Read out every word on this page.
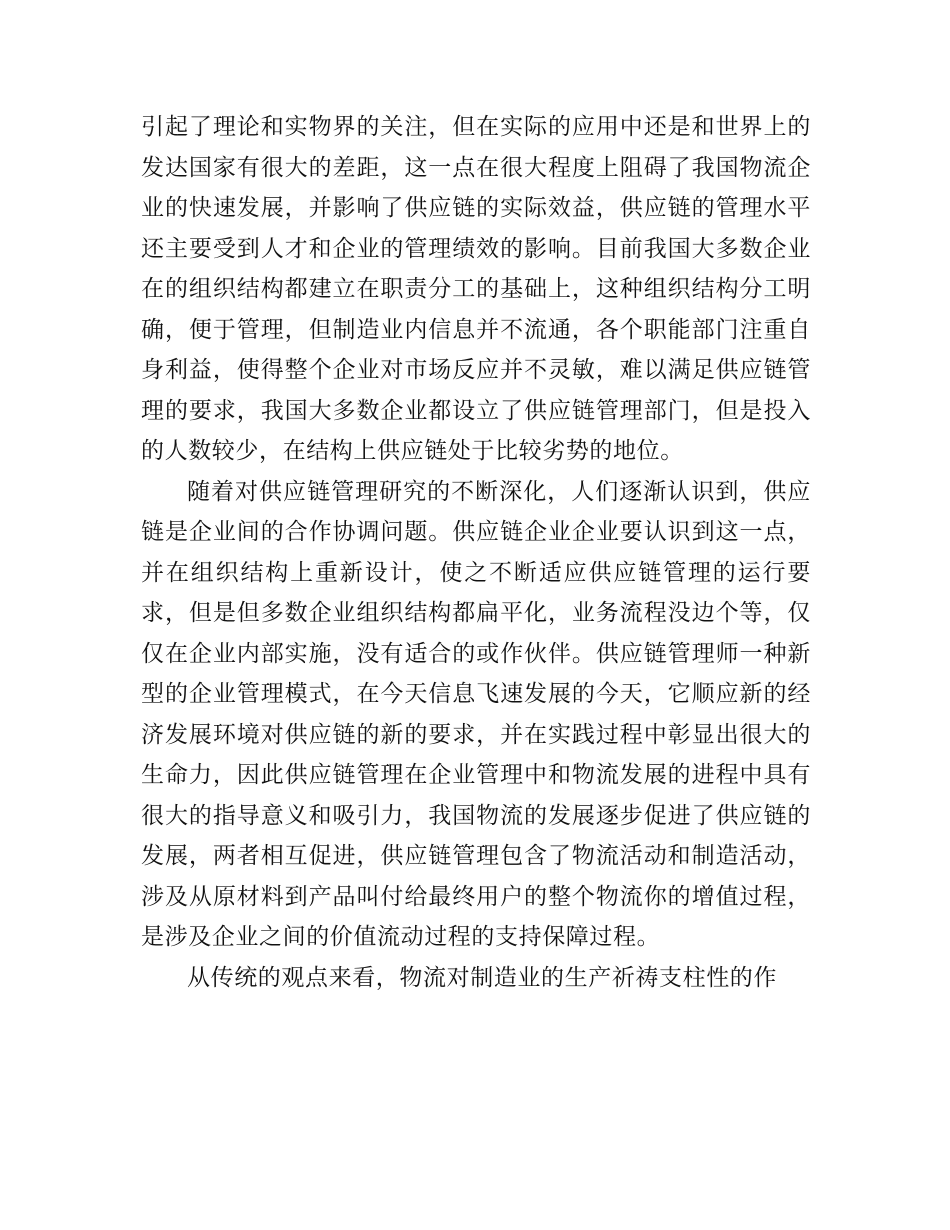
引起了理论和实物界的关注，但在实际的应用中还是和世界上的发达国家有很大的差距，这一点在很大程度上阻碍了我国物流企业的快速发展，并影响了供应链的实际效益，供应链的管理水平还主要受到人才和企业的管理绩效的影响。目前我国大多数企业在的组织结构都建立在职责分工的基础上，这种组织结构分工明确，便于管理，但制造业内信息并不流通，各个职能部门注重自身利益，使得整个企业对市场反应并不灵敏，难以满足供应链管理的要求，我国大多数企业都设立了供应链管理部门，但是投入的人数较少，在结构上供应链处于比较劣势的地位。

随着对供应链管理研究的不断深化，人们逐渐认识到，供应链是企业间的合作协调问题。供应链企业企业要认识到这一点，并在组织结构上重新设计，使之不断适应供应链管理的运行要求，但是但多数企业组织结构都扁平化，业务流程没边个等，仅仅在企业内部实施，没有适合的或作伙伴。供应链管理师一种新型的企业管理模式，在今天信息飞速发展的今天，它顺应新的经济发展环境对供应链的新的要求，并在实践过程中彰显出很大的生命力，因此供应链管理在企业管理中和物流发展的进程中具有很大的指导意义和吸引力，我国物流的发展逐步促进了供应链的发展，两者相互促进，供应链管理包含了物流活动和制造活动，涉及从原材料到产品叫付给最终用户的整个物流你的增值过程，是涉及企业之间的价值流动过程的支持保障过程。

从传统的观点来看，物流对制造业的生产祈祷支柱性的作
